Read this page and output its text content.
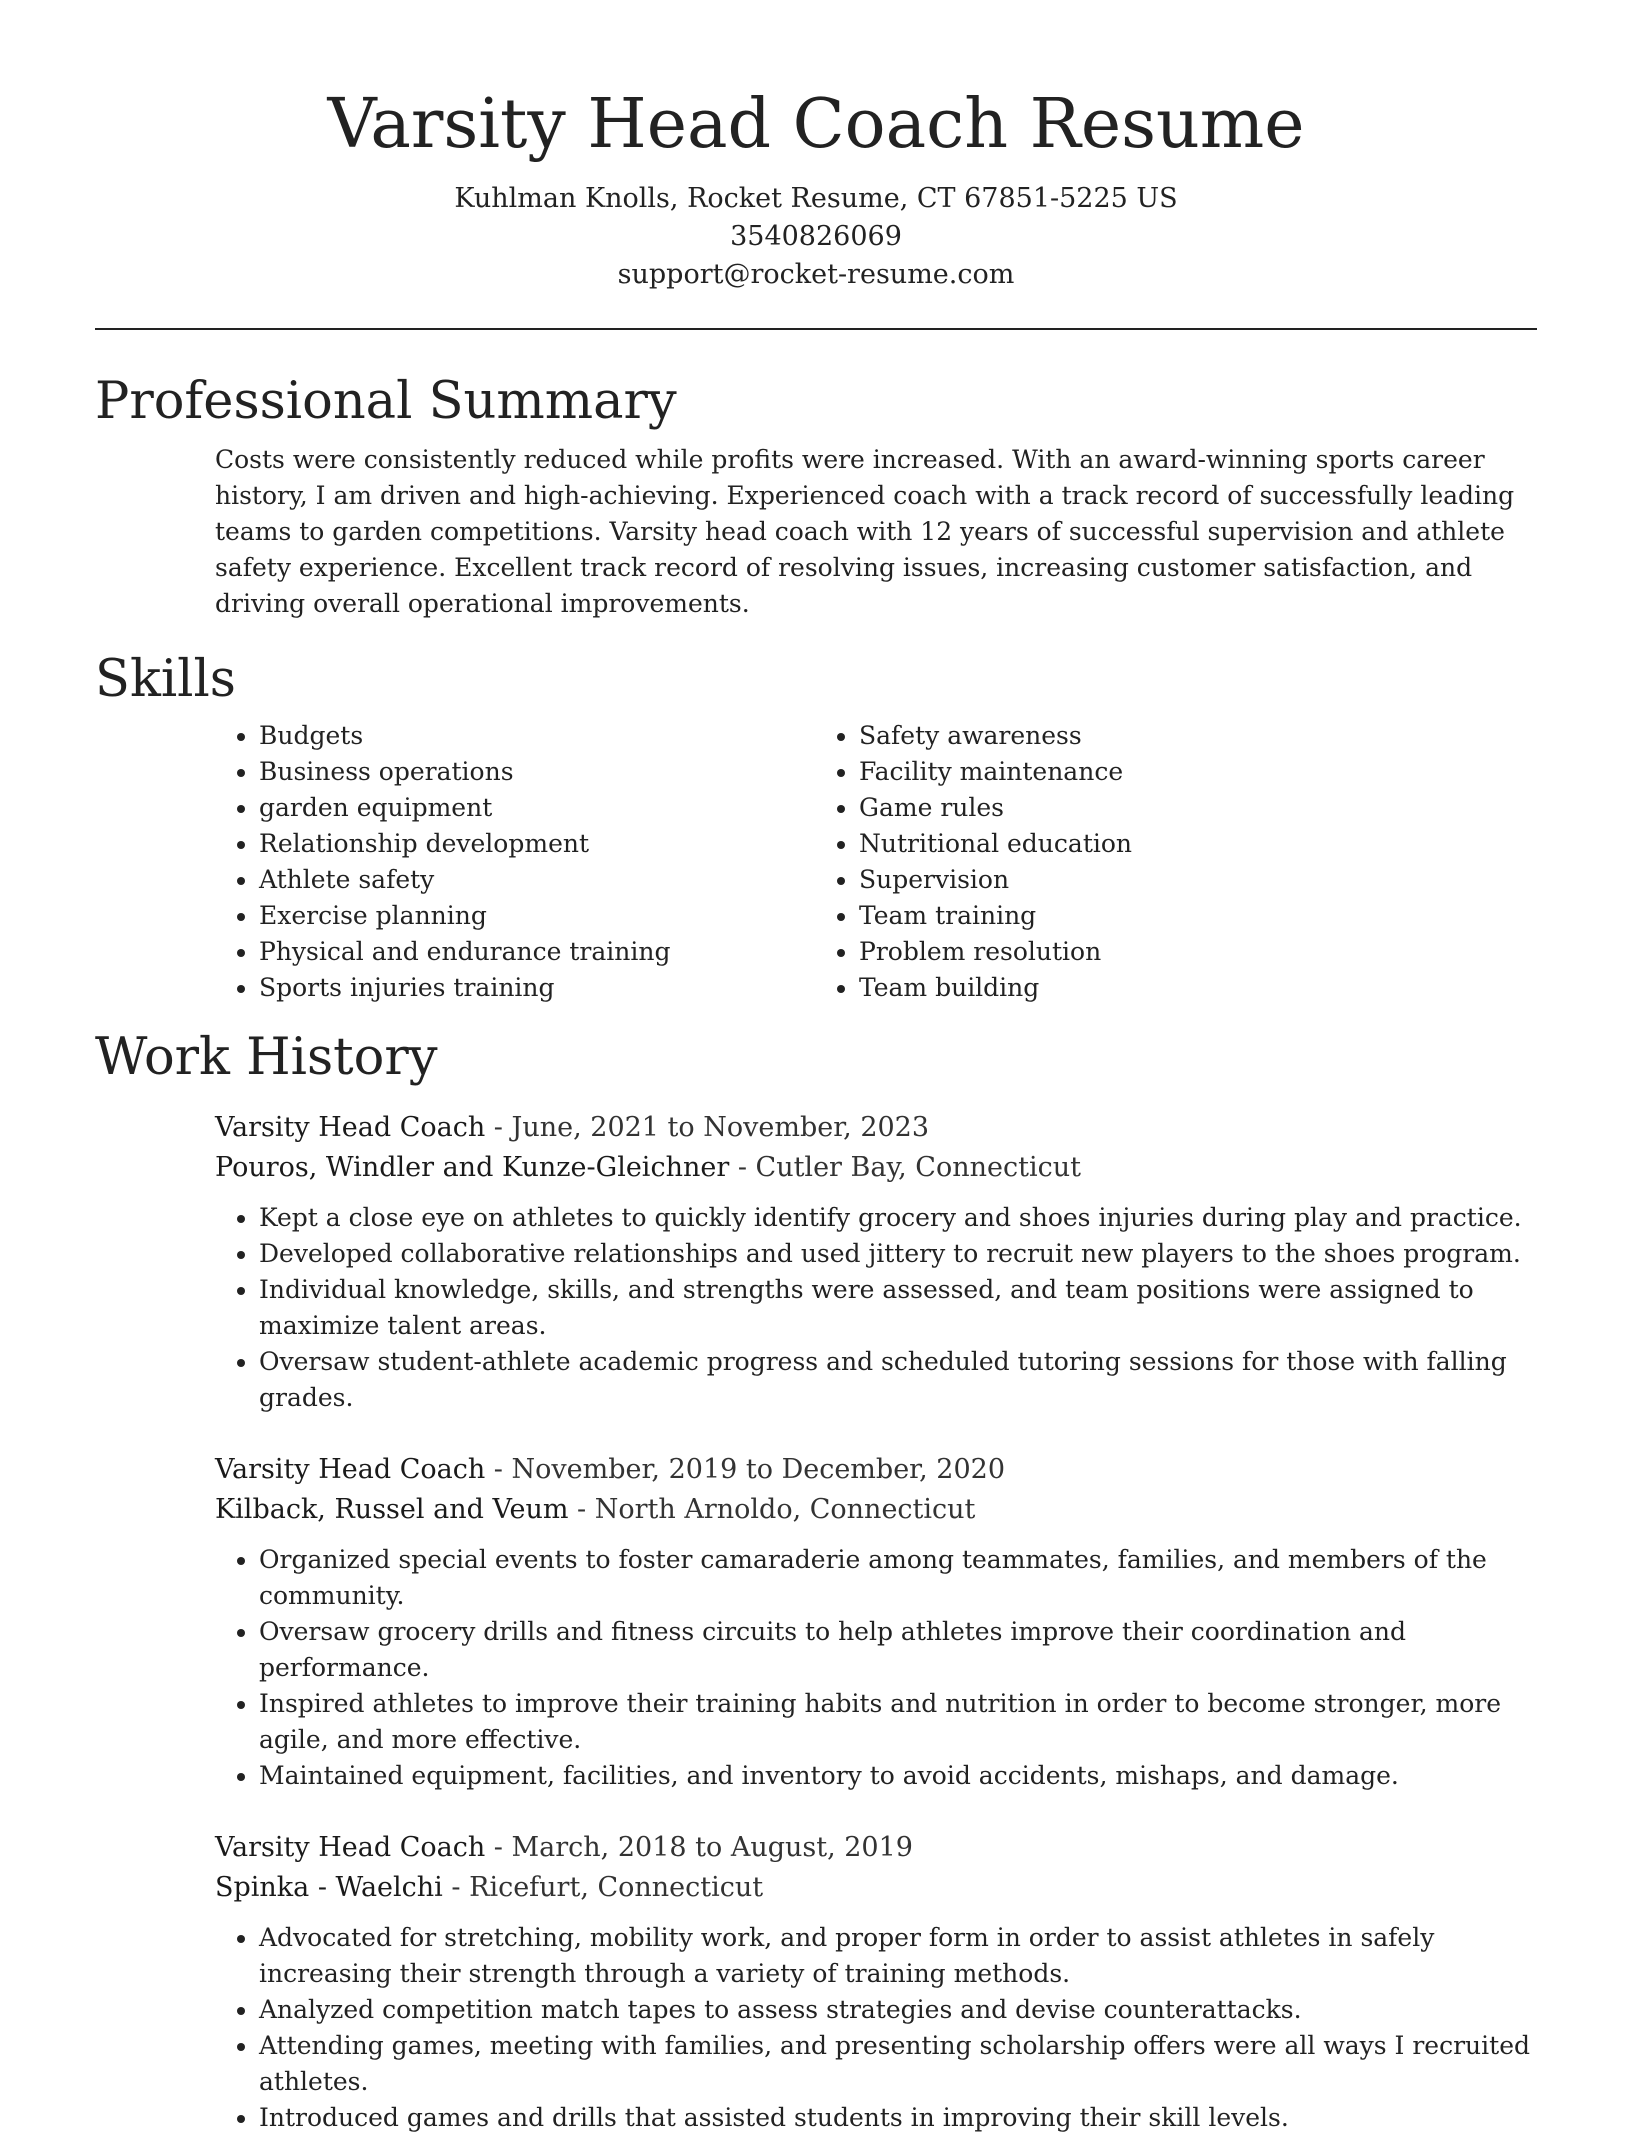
Varsity Head Coach Resume
Kuhlman Knolls, Rocket Resume, CT 67851-5225 US
3540826069
support@rocket-resume.com
Professional Summary

Costs were consistently reduced while profits were increased. With an award-winning sports career history, I am driven and high-achieving. Experienced coach with a track record of successfully leading teams to garden competitions. Varsity head coach with 12 years of successful supervision and athlete safety experience. Excellent track record of resolving issues, increasing customer satisfaction, and driving overall operational improvements.

Skills
• Budgets
• Business operations
• garden equipment
• Relationship development
• Athlete safety
• Exercise planning
• Physical and endurance training
• Sports injuries training
• Safety awareness
• Facility maintenance
• Game rules
• Nutritional education
• Supervision
• Team training
• Problem resolution
• Team building
Work History
Varsity Head Coach - June, 2021 to November, 2023
Pouros, Windler and Kunze-Gleichner - Cutler Bay, Connecticut
• Kept a close eye on athletes to quickly identify grocery and shoes injuries during play and practice.
• Developed collaborative relationships and used jittery to recruit new players to the shoes program.
• Individual knowledge, skills, and strengths were assessed, and team positions were assigned to maximize talent areas.
• Oversaw student-athlete academic progress and scheduled tutoring sessions for those with falling grades.
Varsity Head Coach - November, 2019 to December, 2020
Kilback, Russel and Veum - North Arnoldo, Connecticut
• Organized special events to foster camaraderie among teammates, families, and members of the community.
• Oversaw grocery drills and fitness circuits to help athletes improve their coordination and performance.
• Inspired athletes to improve their training habits and nutrition in order to become stronger, more agile, and more effective.
• Maintained equipment, facilities, and inventory to avoid accidents, mishaps, and damage.
Varsity Head Coach - March, 2018 to August, 2019
Spinka - Waelchi - Ricefurt, Connecticut
• Advocated for stretching, mobility work, and proper form in order to assist athletes in safely increasing their strength through a variety of training methods.
• Analyzed competition match tapes to assess strategies and devise counterattacks.
• Attending games, meeting with families, and presenting scholarship offers were all ways I recruited athletes.
• Introduced games and drills that assisted students in improving their skill levels.
